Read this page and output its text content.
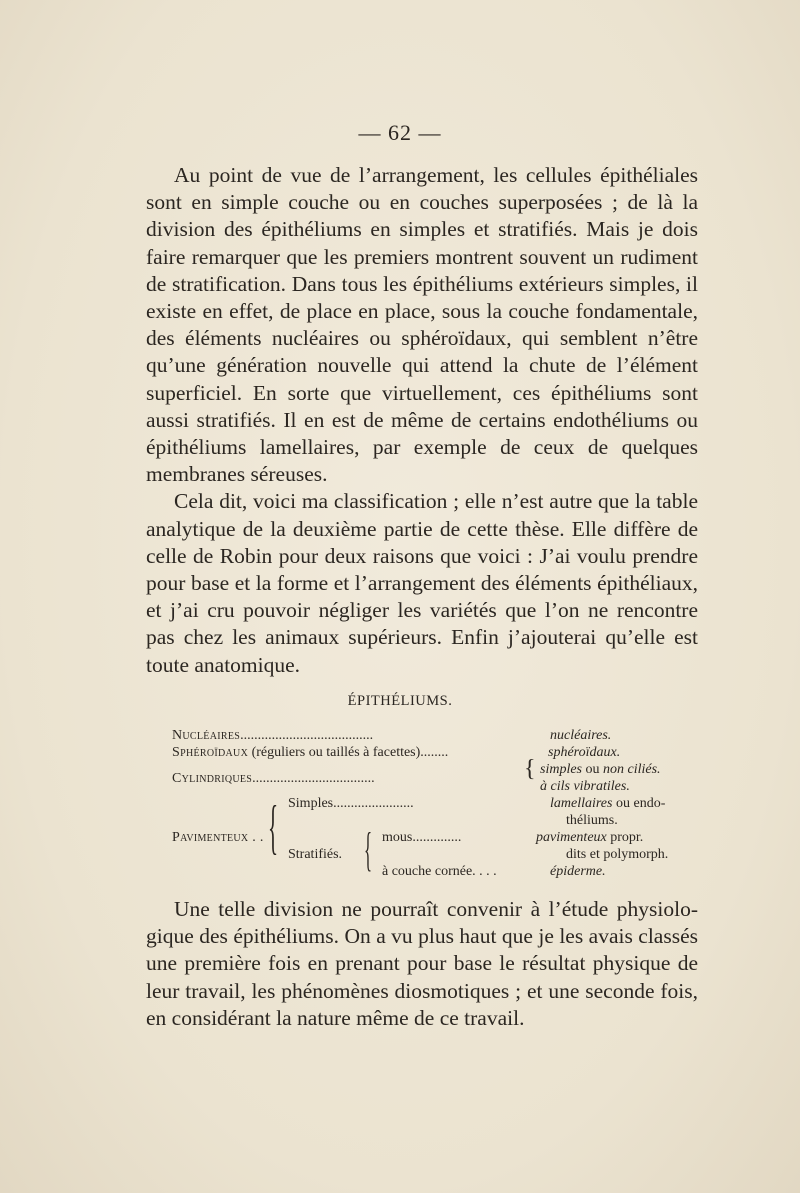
— 62 —

Au point de vue de l’arrangement, les cellules épithéliales sont en simple couche ou en couches superposées ; de là la division des épithéliums en simples et stratifiés. Mais je dois faire remarquer que les premiers montrent souvent un rudiment de stratification. Dans tous les épithéliums extérieurs simples, il existe en effet, de place en place, sous la couche fondamentale, des éléments nucléaires ou sphéroïdaux, qui semblent n’être qu’une génération nouvelle qui attend la chute de l’élément superficiel. En sorte que virtuellement, ces épithéliums sont aussi stratifiés. Il en est de même de certains endothéliums ou épithéliums lamellaires, par exemple de ceux de quelques membranes séreuses.

Cela dit, voici ma classification ; elle n’est autre que la table analytique de la deuxième partie de cette thèse. Elle diffère de celle de Robin pour deux raisons que voici : J’ai voulu prendre pour base et la forme et l’arrangement des éléments épithéliaux, et j’ai cru pouvoir négliger les variétés que l’on ne rencontre pas chez les animaux supérieurs. Enfin j’ajouterai qu’elle est toute anatomique.

ÉPITHÉLIUMS.
Nucléaires......................................	nucléaires.
Sphéroïdaux (réguliers ou taillés à facettes)........	sphéroïdaux.
Cylindriques...................................	{ simples ou non ciliés.
à cils vibratiles.
Pavimenteux . . { Simples.......................	lamellaires ou endo-
théliums.
Stratifiés. { mous..............	pavimenteux propr.
dits et polymorph.
à couche cornée. . . .	épiderme.

Une telle division ne pourraît convenir à l’étude physiologique des épithéliums. On a vu plus haut que je les avais classés une première fois en prenant pour base le résultat physique de leur travail, les phénomènes diosmotiques ; et une seconde fois, en considérant la nature même de ce travail.
